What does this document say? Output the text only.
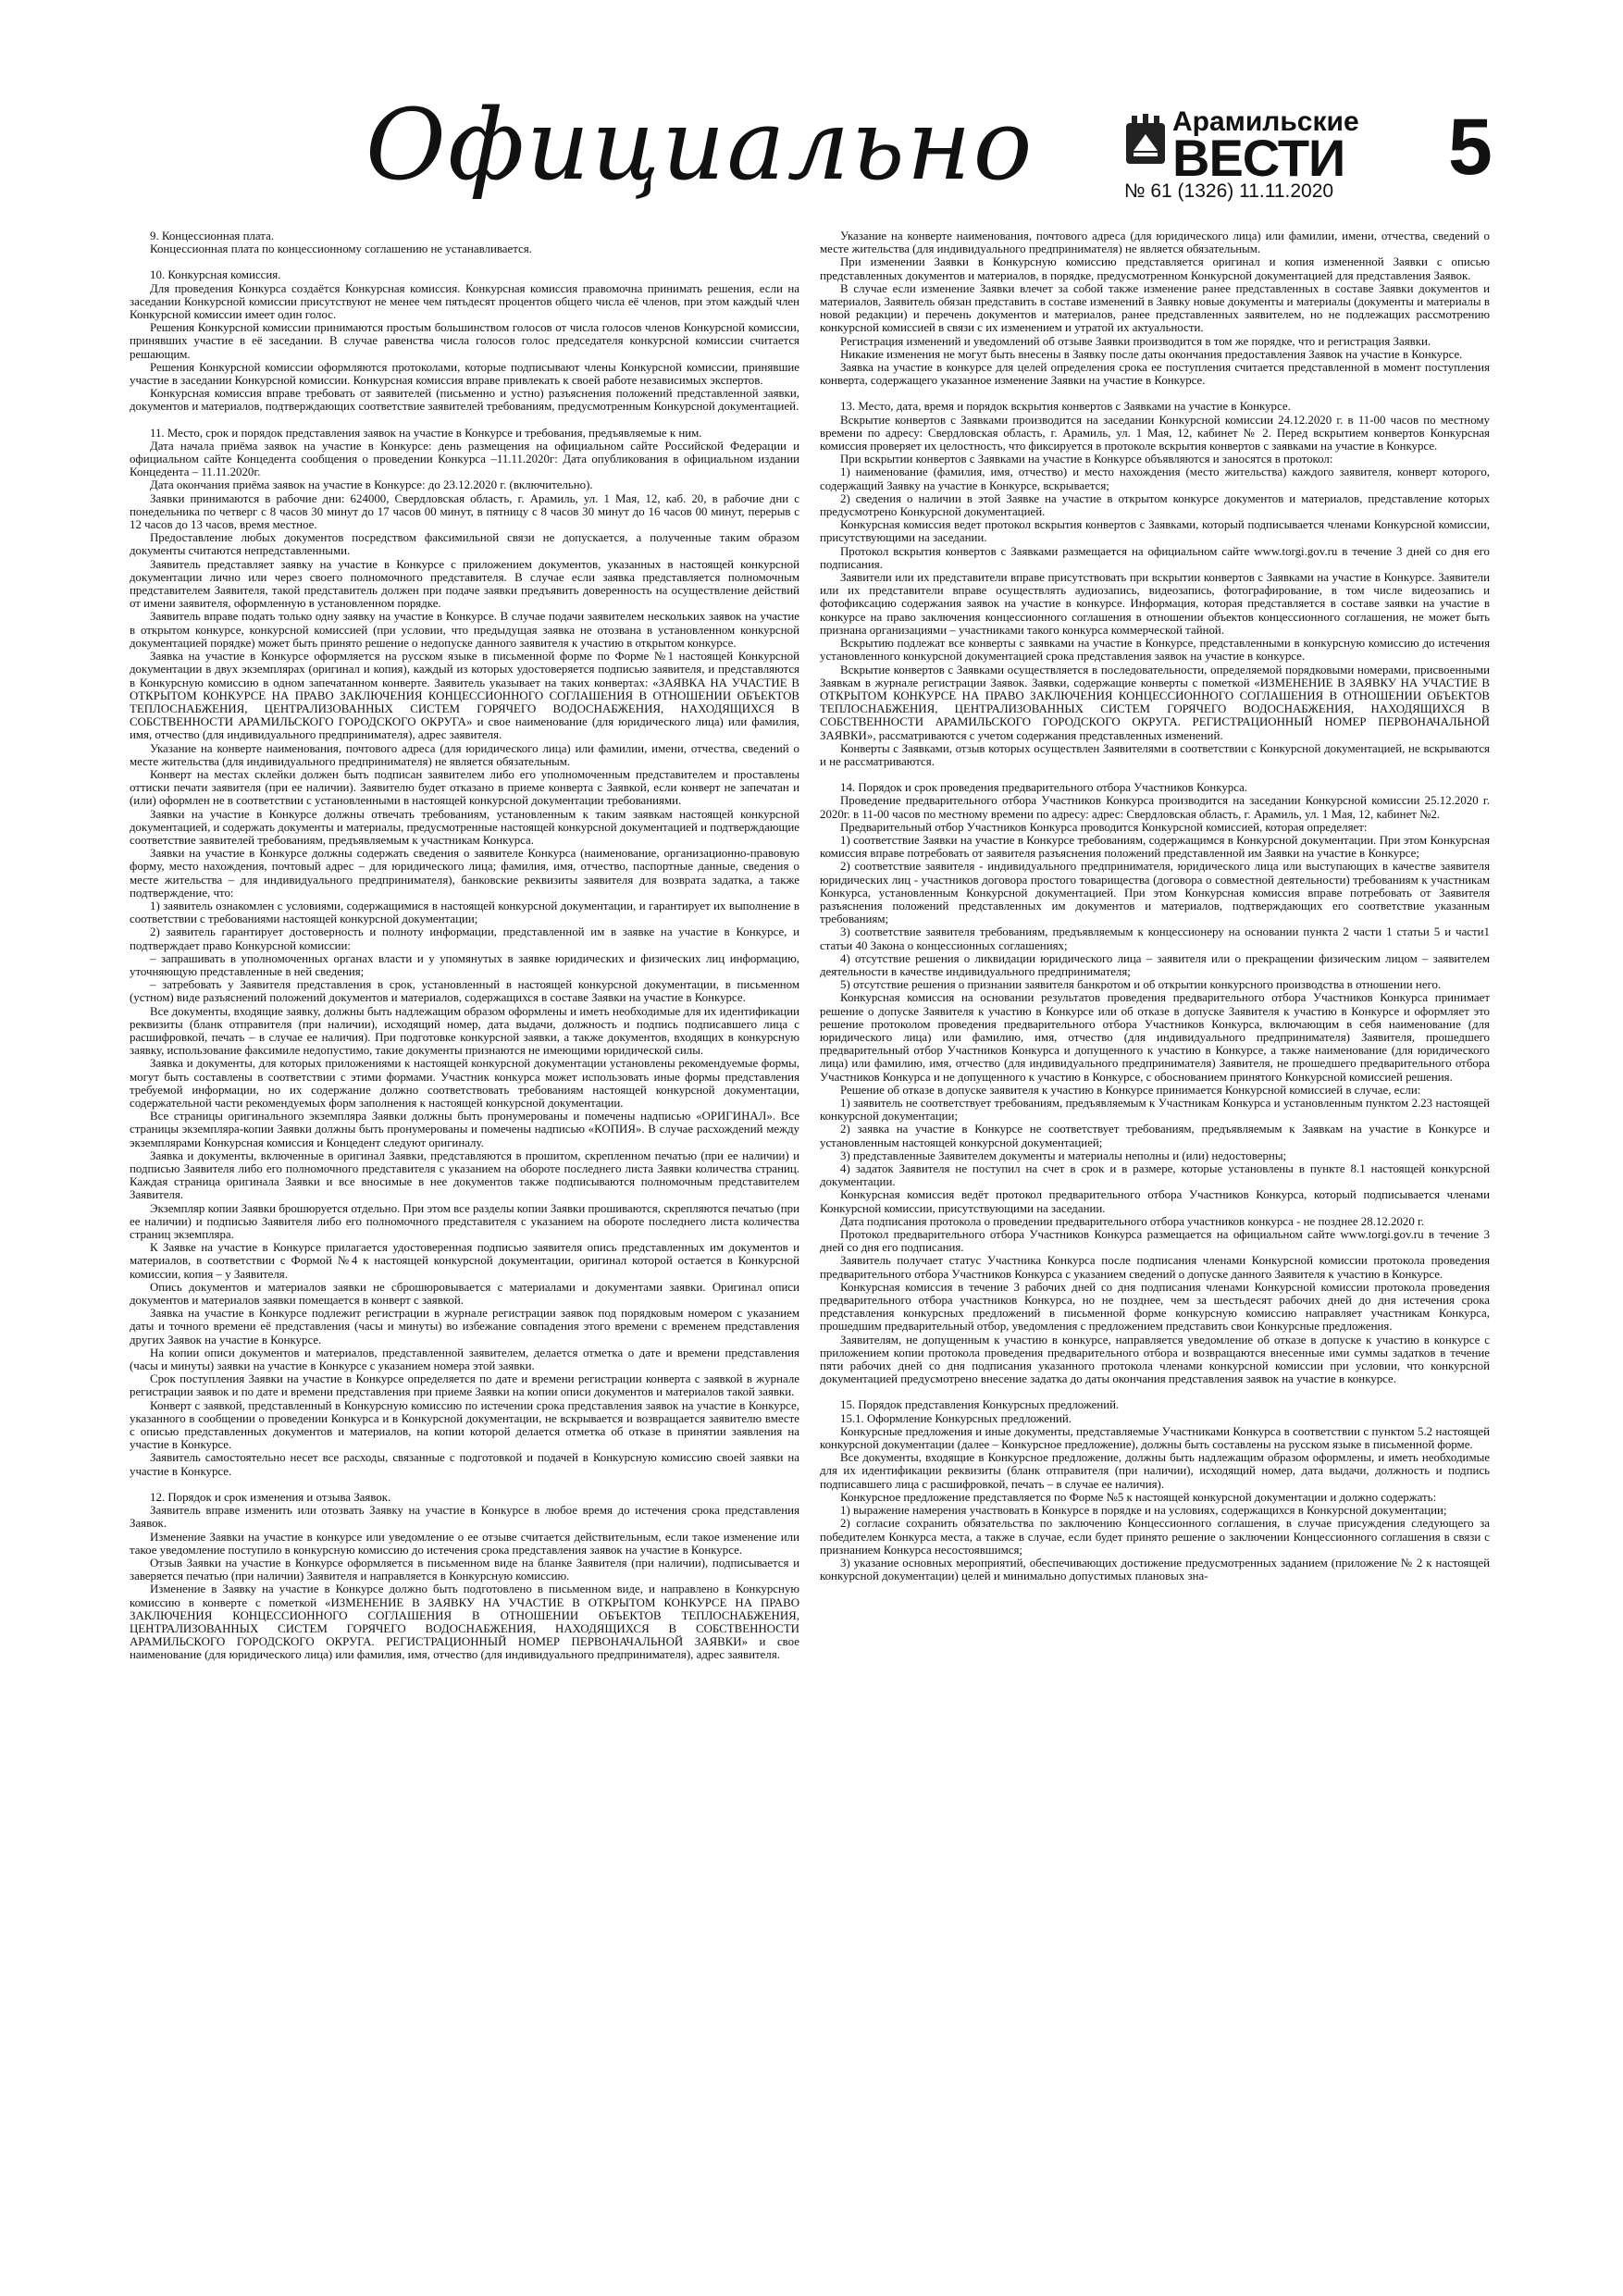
Официально	Арамильские
ВЕСТИ
№ 61 (1326) 11.11.2020 5

9. Концессионная плата.

Концессионная плата по концессионному соглашению не устанавливается.

10. Конкурсная комиссия.

Для проведения Конкурса создаётся Конкурсная комиссия. Конкурсная комиссия правомочна принимать решения, если на заседании Конкурсной комиссии присутствуют не менее чем пятьдесят процентов общего числа её членов, при этом каждый член Конкурсной комиссии имеет один голос.

Решения Конкурсной комиссии принимаются простым большинством голосов от числа голосов членов Конкурсной комиссии, принявших участие в её заседании. В случае равенства числа голосов голос председателя конкурсной комиссии считается решающим.

Решения Конкурсной комиссии оформляются протоколами, которые подписывают члены Конкурсной комиссии, принявшие участие в заседании Конкурсной комиссии. Конкурсная комиссия вправе привлекать к своей работе независимых экспертов.

Конкурсная комиссия вправе требовать от заявителей (письменно и устно) разъяснения положений представленной заявки, документов и материалов, подтверждающих соответствие заявителей требованиям, предусмотренным Конкурсной документацией.

11. Место, срок и порядок представления заявок на участие в Конкурсе и требования, предъявляемые к ним.

Дата начала приёма заявок на участие в Конкурсе: день размещения на официальном сайте Российской Федерации и официальном сайте Концедента сообщения о проведении Конкурса –11.11.2020г: Дата опубликования в официальном издании Концедента – 11.11.2020г.

Дата окончания приёма заявок на участие в Конкурсе: до 23.12.2020 г. (включительно).

Заявки принимаются в рабочие дни: 624000, Свердловская область, г. Арамиль, ул. 1 Мая, 12, каб. 20, в рабочие дни с понедельника по четверг с 8 часов 30 минут до 17 часов 00 минут, в пятницу с 8 часов 30 минут до 16 часов 00 минут, перерыв с 12 часов до 13 часов, время местное.

Предоставление любых документов посредством факсимильной связи не допускается, а полученные таким образом документы считаются непредставленными.

Заявитель представляет заявку на участие в Конкурсе с приложением документов, указанных в настоящей конкурсной документации лично или через своего полномочного представителя. В случае если заявка представляется полномочным представителем Заявителя, такой представитель должен при подаче заявки предъявить доверенность на осуществление действий от имени заявителя, оформленную в установленном порядке.

Заявитель вправе подать только одну заявку на участие в Конкурсе. В случае подачи заявителем нескольких заявок на участие в открытом конкурсе, конкурсной комиссией (при условии, что предыдущая заявка не отозвана в установленном конкурсной документацией порядке) может быть принято решение о недопуске данного заявителя к участию в открытом конкурсе.

Заявка на участие в Конкурсе оформляется на русском языке в письменной форме по Форме №1 настоящей Конкурсной документации в двух экземплярах (оригинал и копия), каждый из которых удостоверяется подписью заявителя, и представляются в Конкурсную комиссию в одном запечатанном конверте. Заявитель указывает на таких конвертах: «ЗАЯВКА НА УЧАСТИЕ В ОТКРЫТОМ КОНКУРСЕ НА ПРАВО ЗАКЛЮЧЕНИЯ КОНЦЕССИОННОГО СОГЛАШЕНИЯ В ОТНОШЕНИИ ОБЪЕКТОВ ТЕПЛОСНАБЖЕНИЯ, ЦЕНТРАЛИЗОВАННЫХ СИСТЕМ ГОРЯЧЕГО ВОДОСНАБЖЕНИЯ, НАХОДЯЩИХСЯ В СОБСТВЕННОСТИ АРАМИЛЬСКОГО ГОРОДСКОГО ОКРУГА» и свое наименование (для юридического лица) или фамилия, имя, отчество (для индивидуального предпринимателя), адрес заявителя.

Указание на конверте наименования, почтового адреса (для юридического лица) или фамилии, имени, отчества, сведений о месте жительства (для индивидуального предпринимателя) не является обязательным.

Конверт на местах склейки должен быть подписан заявителем либо его уполномоченным представителем и проставлены оттиски печати заявителя (при ее наличии). Заявителю будет отказано в приеме конверта с Заявкой, если конверт не запечатан и (или) оформлен не в соответствии с установленными в настоящей конкурсной документации требованиями.

Заявки на участие в Конкурсе должны отвечать требованиям, установленным к таким заявкам настоящей конкурсной документацией, и содержать документы и материалы, предусмотренные настоящей конкурсной документацией и подтверждающие соответствие заявителей требованиям, предъявляемым к участникам Конкурса.

Заявки на участие в Конкурсе должны содержать сведения о заявителе Конкурса (наименование, организационно-правовую форму, место нахождения, почтовый адрес – для юридического лица; фамилия, имя, отчество, паспортные данные, сведения о месте жительства – для индивидуального предпринимателя), банковские реквизиты заявителя для возврата задатка, а также подтверждение, что:

1) заявитель ознакомлен с условиями, содержащимися в настоящей конкурсной документации, и гарантирует их выполнение в соответствии с требованиями настоящей конкурсной документации;

2) заявитель гарантирует достоверность и полноту информации, представленной им в заявке на участие в Конкурсе, и подтверждает право Конкурсной комиссии:

– запрашивать в уполномоченных органах власти и у упомянутых в заявке юридических и физических лиц информацию, уточняющую представленные в ней сведения;

– затребовать у Заявителя представления в срок, установленный в настоящей конкурсной документации, в письменном (устном) виде разъяснений положений документов и материалов, содержащихся в составе Заявки на участие в Конкурсе.

Все документы, входящие заявку, должны быть надлежащим образом оформлены и иметь необходимые для их идентификации реквизиты (бланк отправителя (при наличии), исходящий номер, дата выдачи, должность и подпись подписавшего лица с расшифровкой, печать – в случае ее наличия). При подготовке конкурсной заявки, а также документов, входящих в конкурсную заявку, использование факсимиле недопустимо, такие документы признаются не имеющими юридической силы.

Заявка и документы, для которых приложениями к настоящей конкурсной документации установлены рекомендуемые формы, могут быть составлены в соответствии с этими формами. Участник конкурса может использовать иные формы представления требуемой информации, но их содержание должно соответствовать требованиям настоящей конкурсной документации, содержательной части рекомендуемых форм заполнения к настоящей конкурсной документации.

Все страницы оригинального экземпляра Заявки должны быть пронумерованы и помечены надписью «ОРИГИНАЛ». Все страницы экземпляра-копии Заявки должны быть пронумерованы и помечены надписью «КОПИЯ». В случае расхождений между экземплярами Конкурсная комиссия и Концедент следуют оригиналу.

Заявка и документы, включенные в оригинал Заявки, представляются в прошитом, скрепленном печатью (при ее наличии) и подписью Заявителя либо его полномочного представителя с указанием на обороте последнего листа Заявки количества страниц. Каждая страница оригинала Заявки и все вносимые в нее документов также подписываются полномочным представителем Заявителя.

Экземпляр копии Заявки брошюруется отдельно. При этом все разделы копии Заявки прошиваются, скрепляются печатью (при ее наличии) и подписью Заявителя либо его полномочного представителя с указанием на обороте последнего листа количества страниц экземпляра.

К Заявке на участие в Конкурсе прилагается удостоверенная подписью заявителя опись представленных им документов и материалов, в соответствии с Формой №4 к настоящей конкурсной документации, оригинал которой остается в Конкурсной комиссии, копия – у Заявителя.

Опись документов и материалов заявки не сброшюровывается с материалами и документами заявки. Оригинал описи документов и материалов заявки помещается в конверт с заявкой.

Заявка на участие в Конкурсе подлежит регистрации в журнале регистрации заявок под порядковым номером с указанием даты и точного времени её представления (часы и минуты) во избежание совпадения этого времени с временем представления других Заявок на участие в Конкурсе.

На копии описи документов и материалов, представленной заявителем, делается отметка о дате и времени представления (часы и минуты) заявки на участие в Конкурсе с указанием номера этой заявки.

Срок поступления Заявки на участие в Конкурсе определяется по дате и времени регистрации конверта с заявкой в журнале регистрации заявок и по дате и времени представления при приеме Заявки на копии описи документов и материалов такой заявки.

Конверт с заявкой, представленный в Конкурсную комиссию по истечении срока представления заявок на участие в Конкурсе, указанного в сообщении о проведении Конкурса и в Конкурсной документации, не вскрывается и возвращается заявителю вместе с описью представленных документов и материалов, на копии которой делается отметка об отказе в принятии заявления на участие в Конкурсе.

Заявитель самостоятельно несет все расходы, связанные с подготовкой и подачей в Конкурсную комиссию своей заявки на участие в Конкурсе.

12. Порядок и срок изменения и отзыва Заявок.

Заявитель вправе изменить или отозвать Заявку на участие в Конкурсе в любое время до истечения срока представления Заявок.

Изменение Заявки на участие в конкурсе или уведомление о ее отзыве считается действительным, если такое изменение или такое уведомление поступило в конкурсную комиссию до истечения срока представления заявок на участие в Конкурсе.

Отзыв Заявки на участие в Конкурсе оформляется в письменном виде на бланке Заявителя (при наличии), подписывается и заверяется печатью (при наличии) Заявителя и направляется в Конкурсную комиссию.

Изменение в Заявку на участие в Конкурсе должно быть подготовлено в письменном виде, и направлено в Конкурсную комиссию в конверте с пометкой «ИЗМЕНЕНИЕ В ЗАЯВКУ НА УЧАСТИЕ В ОТКРЫТОМ КОНКУРСЕ НА ПРАВО ЗАКЛЮЧЕНИЯ КОНЦЕССИОННОГО СОГЛАШЕНИЯ В ОТНОШЕНИИ ОБЪЕКТОВ ТЕПЛОСНАБЖЕНИЯ, ЦЕНТРАЛИЗОВАННЫХ СИСТЕМ ГОРЯЧЕГО ВОДОСНАБЖЕНИЯ, НАХОДЯЩИХСЯ В СОБСТВЕННОСТИ АРАМИЛЬСКОГО ГОРОДСКОГО ОКРУГА. РЕГИСТРАЦИОННЫЙ НОМЕР ПЕРВОНАЧАЛЬНОЙ ЗАЯВКИ» и свое наименование (для юридического лица) или фамилия, имя, отчество (для индивидуального предпринимателя), адрес заявителя.

Указание на конверте наименования, почтового адреса (для юридического лица) или фамилии, имени, отчества, сведений о месте жительства (для индивидуального предпринимателя) не является обязательным.

При изменении Заявки в Конкурсную комиссию представляется оригинал и копия измененной Заявки с описью представленных документов и материалов, в порядке, предусмотренном Конкурсной документацией для представления Заявок.

В случае если изменение Заявки влечет за собой также изменение ранее представленных в составе Заявки документов и материалов, Заявитель обязан представить в составе изменений в Заявку новые документы и материалы (документы и материалы в новой редакции) и перечень документов и материалов, ранее представленных заявителем, но не подлежащих рассмотрению конкурсной комиссией в связи с их изменением и утратой их актуальности.

Регистрация изменений и уведомлений об отзыве Заявки производится в том же порядке, что и регистрация Заявки.

Никакие изменения не могут быть внесены в Заявку после даты окончания предоставления Заявок на участие в Конкурсе.

Заявка на участие в конкурсе для целей определения срока ее поступления считается представленной в момент поступления конверта, содержащего указанное изменение Заявки на участие в Конкурсе.

13. Место, дата, время и порядок вскрытия конвертов с Заявками на участие в Конкурсе.

Вскрытие конвертов с Заявками производится на заседании Конкурсной комиссии 24.12.2020 г. в 11-00 часов по местному времени по адресу: Свердловская область, г. Арамиль, ул. 1 Мая, 12, кабинет № 2. Перед вскрытием конвертов Конкурсная комиссия проверяет их целостность, что фиксируется в протоколе вскрытия конвертов с заявками на участие в Конкурсе.

При вскрытии конвертов с Заявками на участие в Конкурсе объявляются и заносятся в протокол:

1) наименование (фамилия, имя, отчество) и место нахождения (место жительства) каждого заявителя, конверт которого, содержащий Заявку на участие в Конкурсе, вскрывается;

2) сведения о наличии в этой Заявке на участие в открытом конкурсе документов и материалов, представление которых предусмотрено Конкурсной документацией.

Конкурсная комиссия ведет протокол вскрытия конвертов с Заявками, который подписывается членами Конкурсной комиссии, присутствующими на заседании.

Протокол вскрытия конвертов с Заявками размещается на официальном сайте www.torgi.gov.ru в течение 3 дней со дня его подписания.

Заявители или их представители вправе присутствовать при вскрытии конвертов с Заявками на участие в Конкурсе. Заявители или их представители вправе осуществлять аудиозапись, видеозапись, фотографирование, в том числе видеозапись и фотофиксацию содержания заявок на участие в конкурсе. Информация, которая представляется в составе заявки на участие в конкурсе на право заключения концессионного соглашения в отношении объектов концессионного соглашения, не может быть признана организациями – участниками такого конкурса коммерческой тайной.

Вскрытию подлежат все конверты с заявками на участие в Конкурсе, представленными в конкурсную комиссию до истечения установленного конкурсной документацией срока представления заявок на участие в конкурсе.

Вскрытие конвертов с Заявками осуществляется в последовательности, определяемой порядковыми номерами, присвоенными Заявкам в журнале регистрации Заявок. Заявки, содержащие конверты с пометкой «ИЗМЕНЕНИЕ В ЗАЯВКУ НА УЧАСТИЕ В ОТКРЫТОМ КОНКУРСЕ НА ПРАВО ЗАКЛЮЧЕНИЯ КОНЦЕССИОННОГО СОГЛАШЕНИЯ В ОТНОШЕНИИ ОБЪЕКТОВ ТЕПЛОСНАБЖЕНИЯ, ЦЕНТРАЛИЗОВАННЫХ СИСТЕМ ГОРЯЧЕГО ВОДОСНАБЖЕНИЯ, НАХОДЯЩИХСЯ В СОБСТВЕННОСТИ АРАМИЛЬСКОГО ГОРОДСКОГО ОКРУГА. РЕГИСТРАЦИОННЫЙ НОМЕР ПЕРВОНАЧАЛЬНОЙ ЗАЯВКИ», рассматриваются с учетом содержания представленных изменений.

Конверты с Заявками, отзыв которых осуществлен Заявителями в соответствии с Конкурсной документацией, не вскрываются и не рассматриваются.

14. Порядок и срок проведения предварительного отбора Участников Конкурса.

Проведение предварительного отбора Участников Конкурса производится на заседании Конкурсной комиссии 25.12.2020 г. 2020г. в 11-00 часов по местному времени по адресу: адрес: Свердловская область, г. Арамиль, ул. 1 Мая, 12, кабинет №2.

Предварительный отбор Участников Конкурса проводится Конкурсной комиссией, которая определяет:

1) соответствие Заявки на участие в Конкурсе требованиям, содержащимся в Конкурсной документации. При этом Конкурсная комиссия вправе потребовать от заявителя разъяснения положений представленной им Заявки на участие в Конкурсе;

2) соответствие заявителя - индивидуального предпринимателя, юридического лица или выступающих в качестве заявителя юридических лиц - участников договора простого товарищества (договора о совместной деятельности) требованиям к участникам Конкурса, установленным Конкурсной документацией. При этом Конкурсная комиссия вправе потребовать от Заявителя разъяснения положений представленных им документов и материалов, подтверждающих его соответствие указанным требованиям;

3) соответствие заявителя требованиям, предъявляемым к концессионеру на основании пункта 2 части 1 статьи 5 и части1 статьи 40 Закона о концессионных соглашениях;

4) отсутствие решения о ликвидации юридического лица – заявителя или о прекращении физическим лицом – заявителем деятельности в качестве индивидуального предпринимателя;

5) отсутствие решения о признании заявителя банкротом и об открытии конкурсного производства в отношении него.

Конкурсная комиссия на основании результатов проведения предварительного отбора Участников Конкурса принимает решение о допуске Заявителя к участию в Конкурсе или об отказе в допуске Заявителя к участию в Конкурсе и оформляет это решение протоколом проведения предварительного отбора Участников Конкурса, включающим в себя наименование (для юридического лица) или фамилию, имя, отчество (для индивидуального предпринимателя) Заявителя, прошедшего предварительный отбор Участников Конкурса и допущенного к участию в Конкурсе, а также наименование (для юридического лица) или фамилию, имя, отчество (для индивидуального предпринимателя) Заявителя, не прошедшего предварительного отбора Участников Конкурса и не допущенного к участию в Конкурсе, с обоснованием принятого Конкурсной комиссией решения.

Решение об отказе в допуске заявителя к участию в Конкурсе принимается Конкурсной комиссией в случае, если:

1) заявитель не соответствует требованиям, предъявляемым к Участникам Конкурса и установленным пунктом 2.23 настоящей конкурсной документации;

2) заявка на участие в Конкурсе не соответствует требованиям, предъявляемым к Заявкам на участие в Конкурсе и установленным настоящей конкурсной документацией;

3) представленные Заявителем документы и материалы неполны и (или) недостоверны;

4) задаток Заявителя не поступил на счет в срок и в размере, которые установлены в пункте 8.1 настоящей конкурсной документации.

Конкурсная комиссия ведёт протокол предварительного отбора Участников Конкурса, который подписывается членами Конкурсной комиссии, присутствующими на заседании.

Дата подписания протокола о проведении предварительного отбора участников конкурса - не позднее 28.12.2020 г.

Протокол предварительного отбора Участников Конкурса размещается на официальном сайте www.torgi.gov.ru в течение 3 дней со дня его подписания.

Заявитель получает статус Участника Конкурса после подписания членами Конкурсной комиссии протокола проведения предварительного отбора Участников Конкурса с указанием сведений о допуске данного Заявителя к участию в Конкурсе.

Конкурсная комиссия в течение 3 рабочих дней со дня подписания членами Конкурсной комиссии протокола проведения предварительного отбора участников Конкурса, но не позднее, чем за шестьдесят рабочих дней до дня истечения срока представления конкурсных предложений в письменной форме конкурсную комиссию направляет участникам Конкурса, прошедшим предварительный отбор, уведомления с предложением представить свои Конкурсные предложения.

Заявителям, не допущенным к участию в конкурсе, направляется уведомление об отказе в допуске к участию в конкурсе с приложением копии протокола проведения предварительного отбора и возвращаются внесенные ими суммы задатков в течение пяти рабочих дней со дня подписания указанного протокола членами конкурсной комиссии при условии, что конкурсной документацией предусмотрено внесение задатка до даты окончания представления заявок на участие в конкурсе.

15. Порядок представления Конкурсных предложений.

15.1. Оформление Конкурсных предложений.

Конкурсные предложения и иные документы, представляемые Участниками Конкурса в соответствии с пунктом 5.2 настоящей конкурсной документации (далее – Конкурсное предложение), должны быть составлены на русском языке в письменной форме.

Все документы, входящие в Конкурсное предложение, должны быть надлежащим образом оформлены, и иметь необходимые для их идентификации реквизиты (бланк отправителя (при наличии), исходящий номер, дата выдачи, должность и подпись подписавшего лица с расшифровкой, печать – в случае ее наличия).

Конкурсное предложение представляется по Форме №5 к настоящей конкурсной документации и должно содержать:

1) выражение намерения участвовать в Конкурсе в порядке и на условиях, содержащихся в Конкурсной документации;

2) согласие сохранить обязательства по заключению Концессионного соглашения, в случае присуждения следующего за победителем Конкурса места, а также в случае, если будет принято решение о заключении Концессионного соглашения в связи с признанием Конкурса несостоявшимся;

3) указание основных мероприятий, обеспечивающих достижение предусмотренных заданием (приложение № 2 к настоящей конкурсной документации) целей и минимально допустимых плановых зна-
